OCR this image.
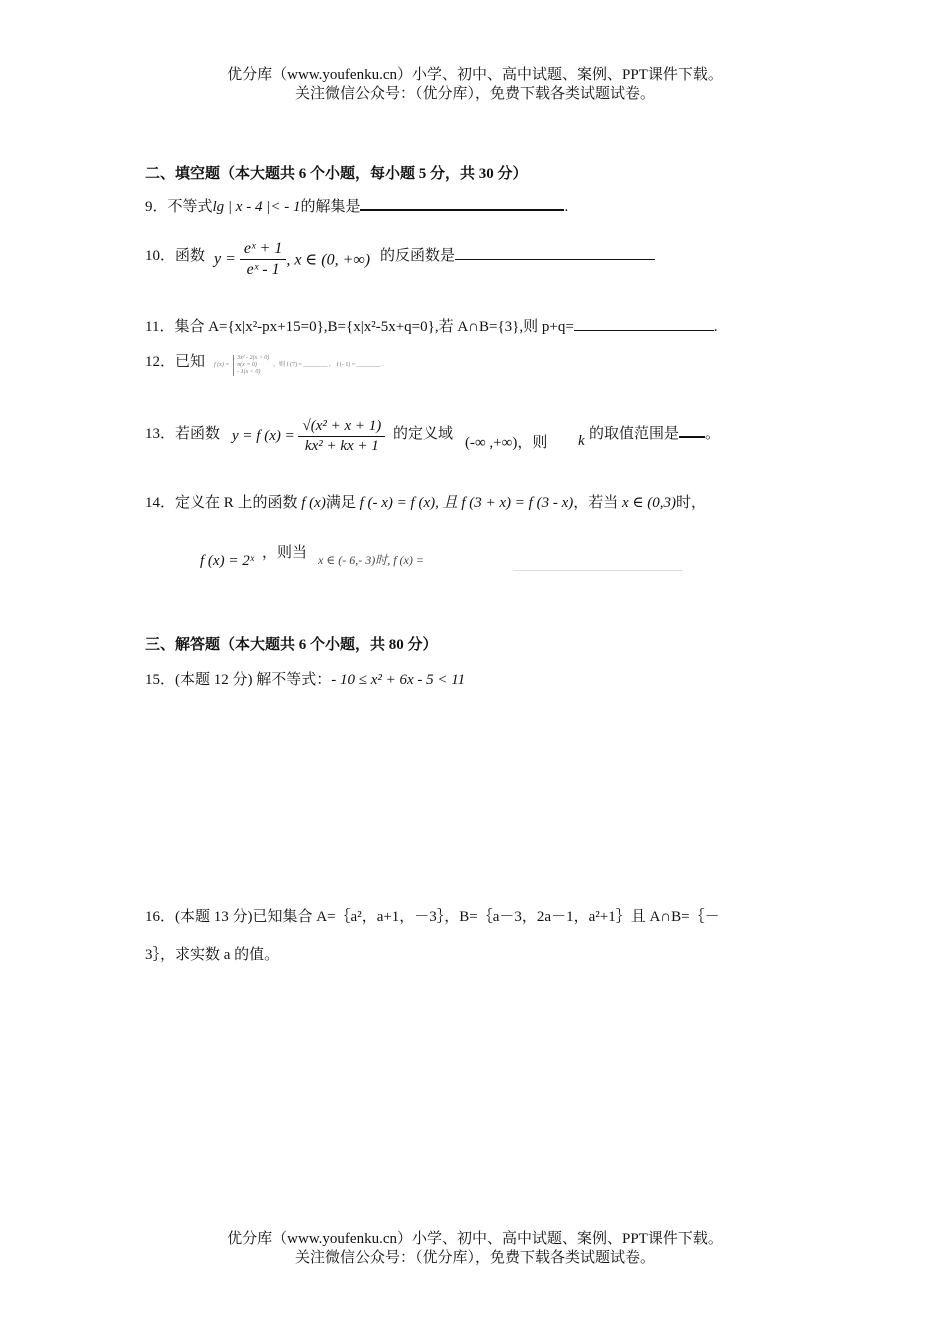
优分库（www.youfenku.cn）小学、初中、高中试题、案例、PPT课件下载。
关注微信公众号：（优分库），免费下载各类试题试卷。
二、填空题（本大题共 6 个小题，每小题 5 分，共 30 分）
9．不等式lg | x - 4 |< - 1的解集是	.
10．函数 $y = \frac{\text{eˣ + 1}}{\text{eˣ - 1}}$ , x ∈ (0, +∞) 的反函数是
11．集合 A={x|x²-px+15=0},B={x|x²-5x+q=0},若 A∩B={3},则 p+q=	.
12．已知 f (x) =
3x² - 2(x > 0)
π(x = 0)
- 1(x < 0)
，则 f (7) = ________ ， f (- 1) = ________ .
13．若函数 y = f $(x) = \frac{\text{√(x² + x + 1)}}{\text{kx² + kx + 1}}$ 的定义域
(-∞ ,+∞)，则 k 的取值范围是 。
14．定义在 R 上的函数 f (x)满足 f (- x) = f (x), 且 f (3 + x) = f (3 - x)，若当 x ∈ (0,3)时，
f (x) = 2ˣ ，则当 x ∈ (- 6,- 3)时, f (x) =
三、解答题（本大题共 6 个小题，共 80 分）
15．(本题 12 分) 解不等式：- 10 ≤ x² + 6x - 5 < 11
16．(本题 13 分)已知集合 A=｛a²，a+1，－3｝，B=｛a－3，2a－1，a²+1｝且 A∩B=｛－
3｝，求实数 a 的值。
优分库（www.youfenku.cn）小学、初中、高中试题、案例、PPT课件下载。
关注微信公众号：（优分库），免费下载各类试题试卷。
